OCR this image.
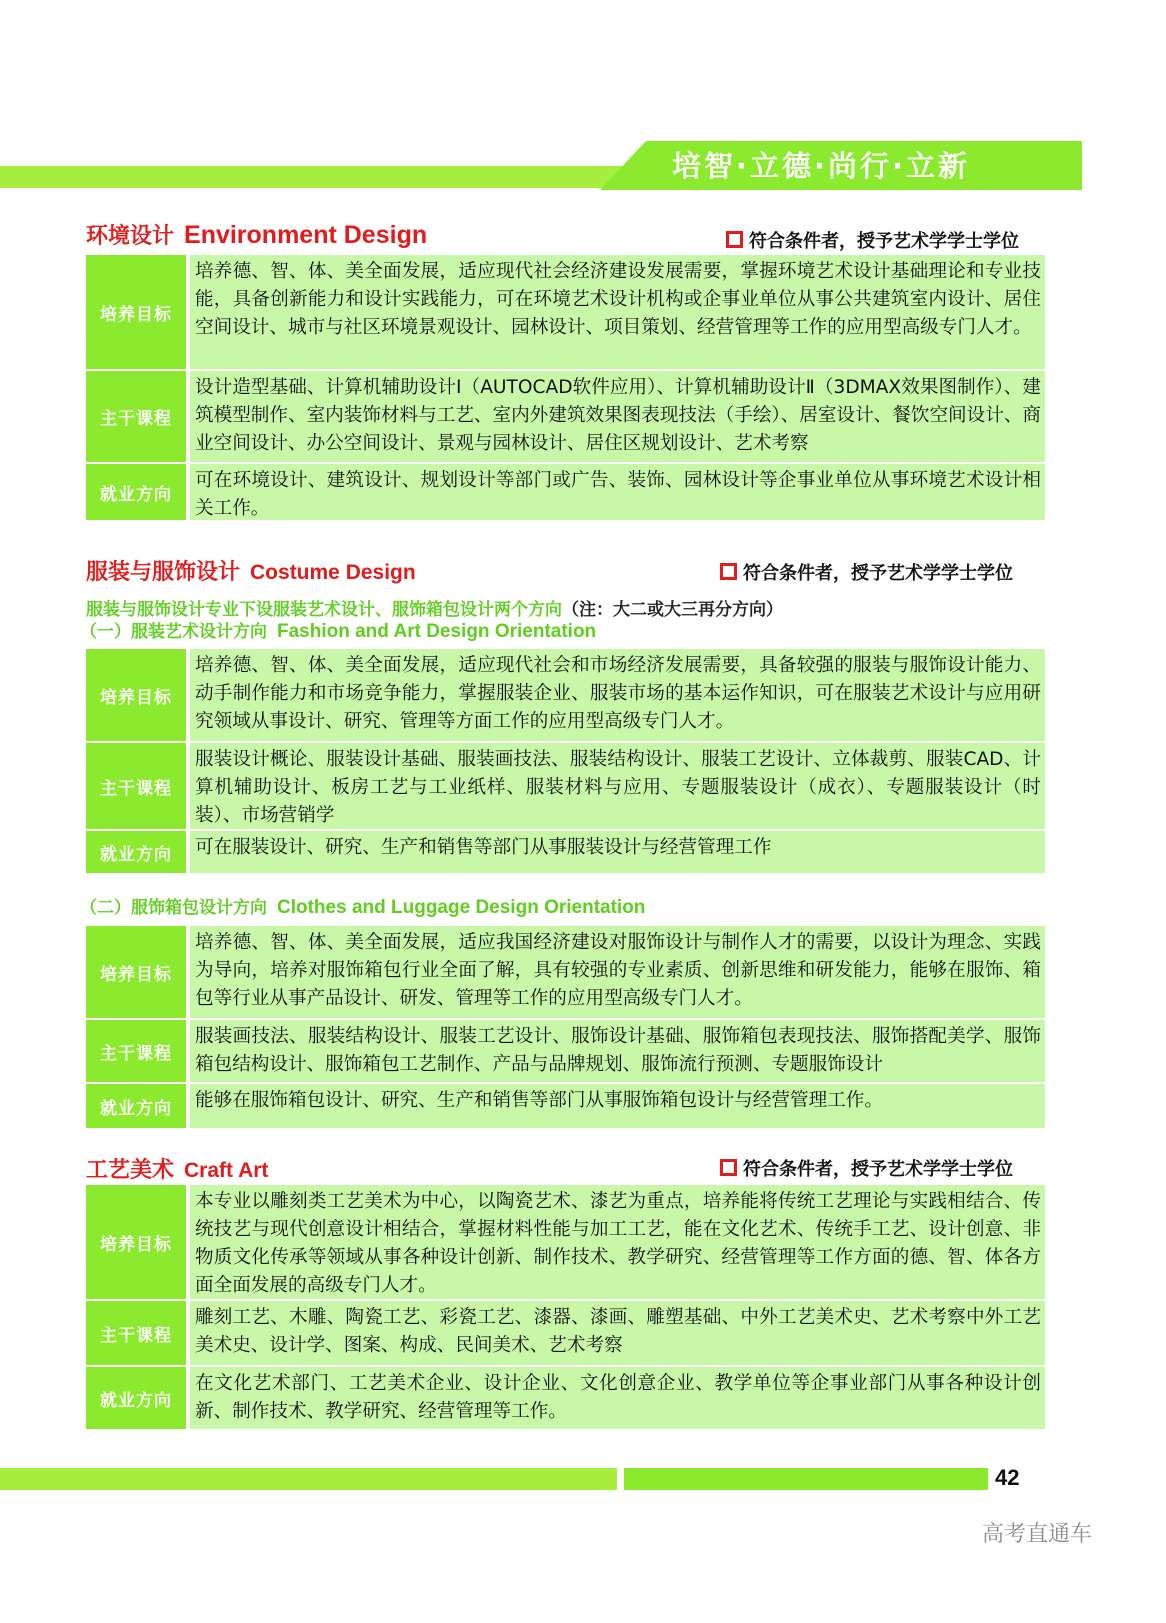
培智·立德·尚行·立新
环境设计 Environment Design	符合条件者，授予艺术学学士学位
培养目标
培养德、智、体、美全面发展，适应现代社会经济建设发展需要，掌握环境艺术设计基础理论和专业技能，具备创新能力和设计实践能力，可在环境艺术设计机构或企事业单位从事公共建筑室内设计、居住空间设计、城市与社区环境景观设计、园林设计、项目策划、经营管理等工作的应用型高级专门人才。
主干课程
设计造型基础、计算机辅助设计Ⅰ（AUTOCAD软件应用）、计算机辅助设计Ⅱ（3DMAX效果图制作）、建筑模型制作、室内装饰材料与工艺、室内外建筑效果图表现技法（手绘）、居室设计、餐饮空间设计、商业空间设计、办公空间设计、景观与园林设计、居住区规划设计、艺术考察
就业方向
可在环境设计、建筑设计、规划设计等部门或广告、装饰、园林设计等企事业单位从事环境艺术设计相关工作。
服装与服饰设计 Costume Design	符合条件者，授予艺术学学士学位
服装与服饰设计专业下设服装艺术设计、服饰箱包设计两个方向（注：大二或大三再分方向）
（一）服装艺术设计方向 Fashion and Art Design Orientation
培养目标
培养德、智、体、美全面发展，适应现代社会和市场经济发展需要，具备较强的服装与服饰设计能力、动手制作能力和市场竞争能力，掌握服装企业、服装市场的基本运作知识，可在服装艺术设计与应用研究领域从事设计、研究、管理等方面工作的应用型高级专门人才。
主干课程
服装设计概论、服装设计基础、服装画技法、服装结构设计、服装工艺设计、立体裁剪、服装CAD、计算机辅助设计、板房工艺与工业纸样、服装材料与应用、专题服装设计（成衣）、专题服装设计（时装）、市场营销学
就业方向	可在服装设计、研究、生产和销售等部门从事服装设计与经营管理工作
（二）服饰箱包设计方向 Clothes and Luggage Design Orientation
培养目标
培养德、智、体、美全面发展，适应我国经济建设对服饰设计与制作人才的需要，以设计为理念、实践为导向，培养对服饰箱包行业全面了解，具有较强的专业素质、创新思维和研发能力，能够在服饰、箱包等行业从事产品设计、研发、管理等工作的应用型高级专门人才。
主干课程
服装画技法、服装结构设计、服装工艺设计、服饰设计基础、服饰箱包表现技法、服饰搭配美学、服饰箱包结构设计、服饰箱包工艺制作、产品与品牌规划、服饰流行预测、专题服饰设计
就业方向	能够在服饰箱包设计、研究、生产和销售等部门从事服饰箱包设计与经营管理工作。
工艺美术 Craft Art	符合条件者，授予艺术学学士学位
培养目标
本专业以雕刻类工艺美术为中心，以陶瓷艺术、漆艺为重点，培养能将传统工艺理论与实践相结合、传统技艺与现代创意设计相结合，掌握材料性能与加工工艺，能在文化艺术、传统手工艺、设计创意、非物质文化传承等领域从事各种设计创新、制作技术、教学研究、经营管理等工作方面的德、智、体各方面全面发展的高级专门人才。
主干课程
雕刻工艺、木雕、陶瓷工艺、彩瓷工艺、漆器、漆画、雕塑基础、中外工艺美术史、艺术考察中外工艺美术史、设计学、图案、构成、民间美术、艺术考察
就业方向
在文化艺术部门、工艺美术企业、设计企业、文化创意企业、教学单位等企事业部门从事各种设计创新、制作技术、教学研究、经营管理等工作。
42
高考直通车
